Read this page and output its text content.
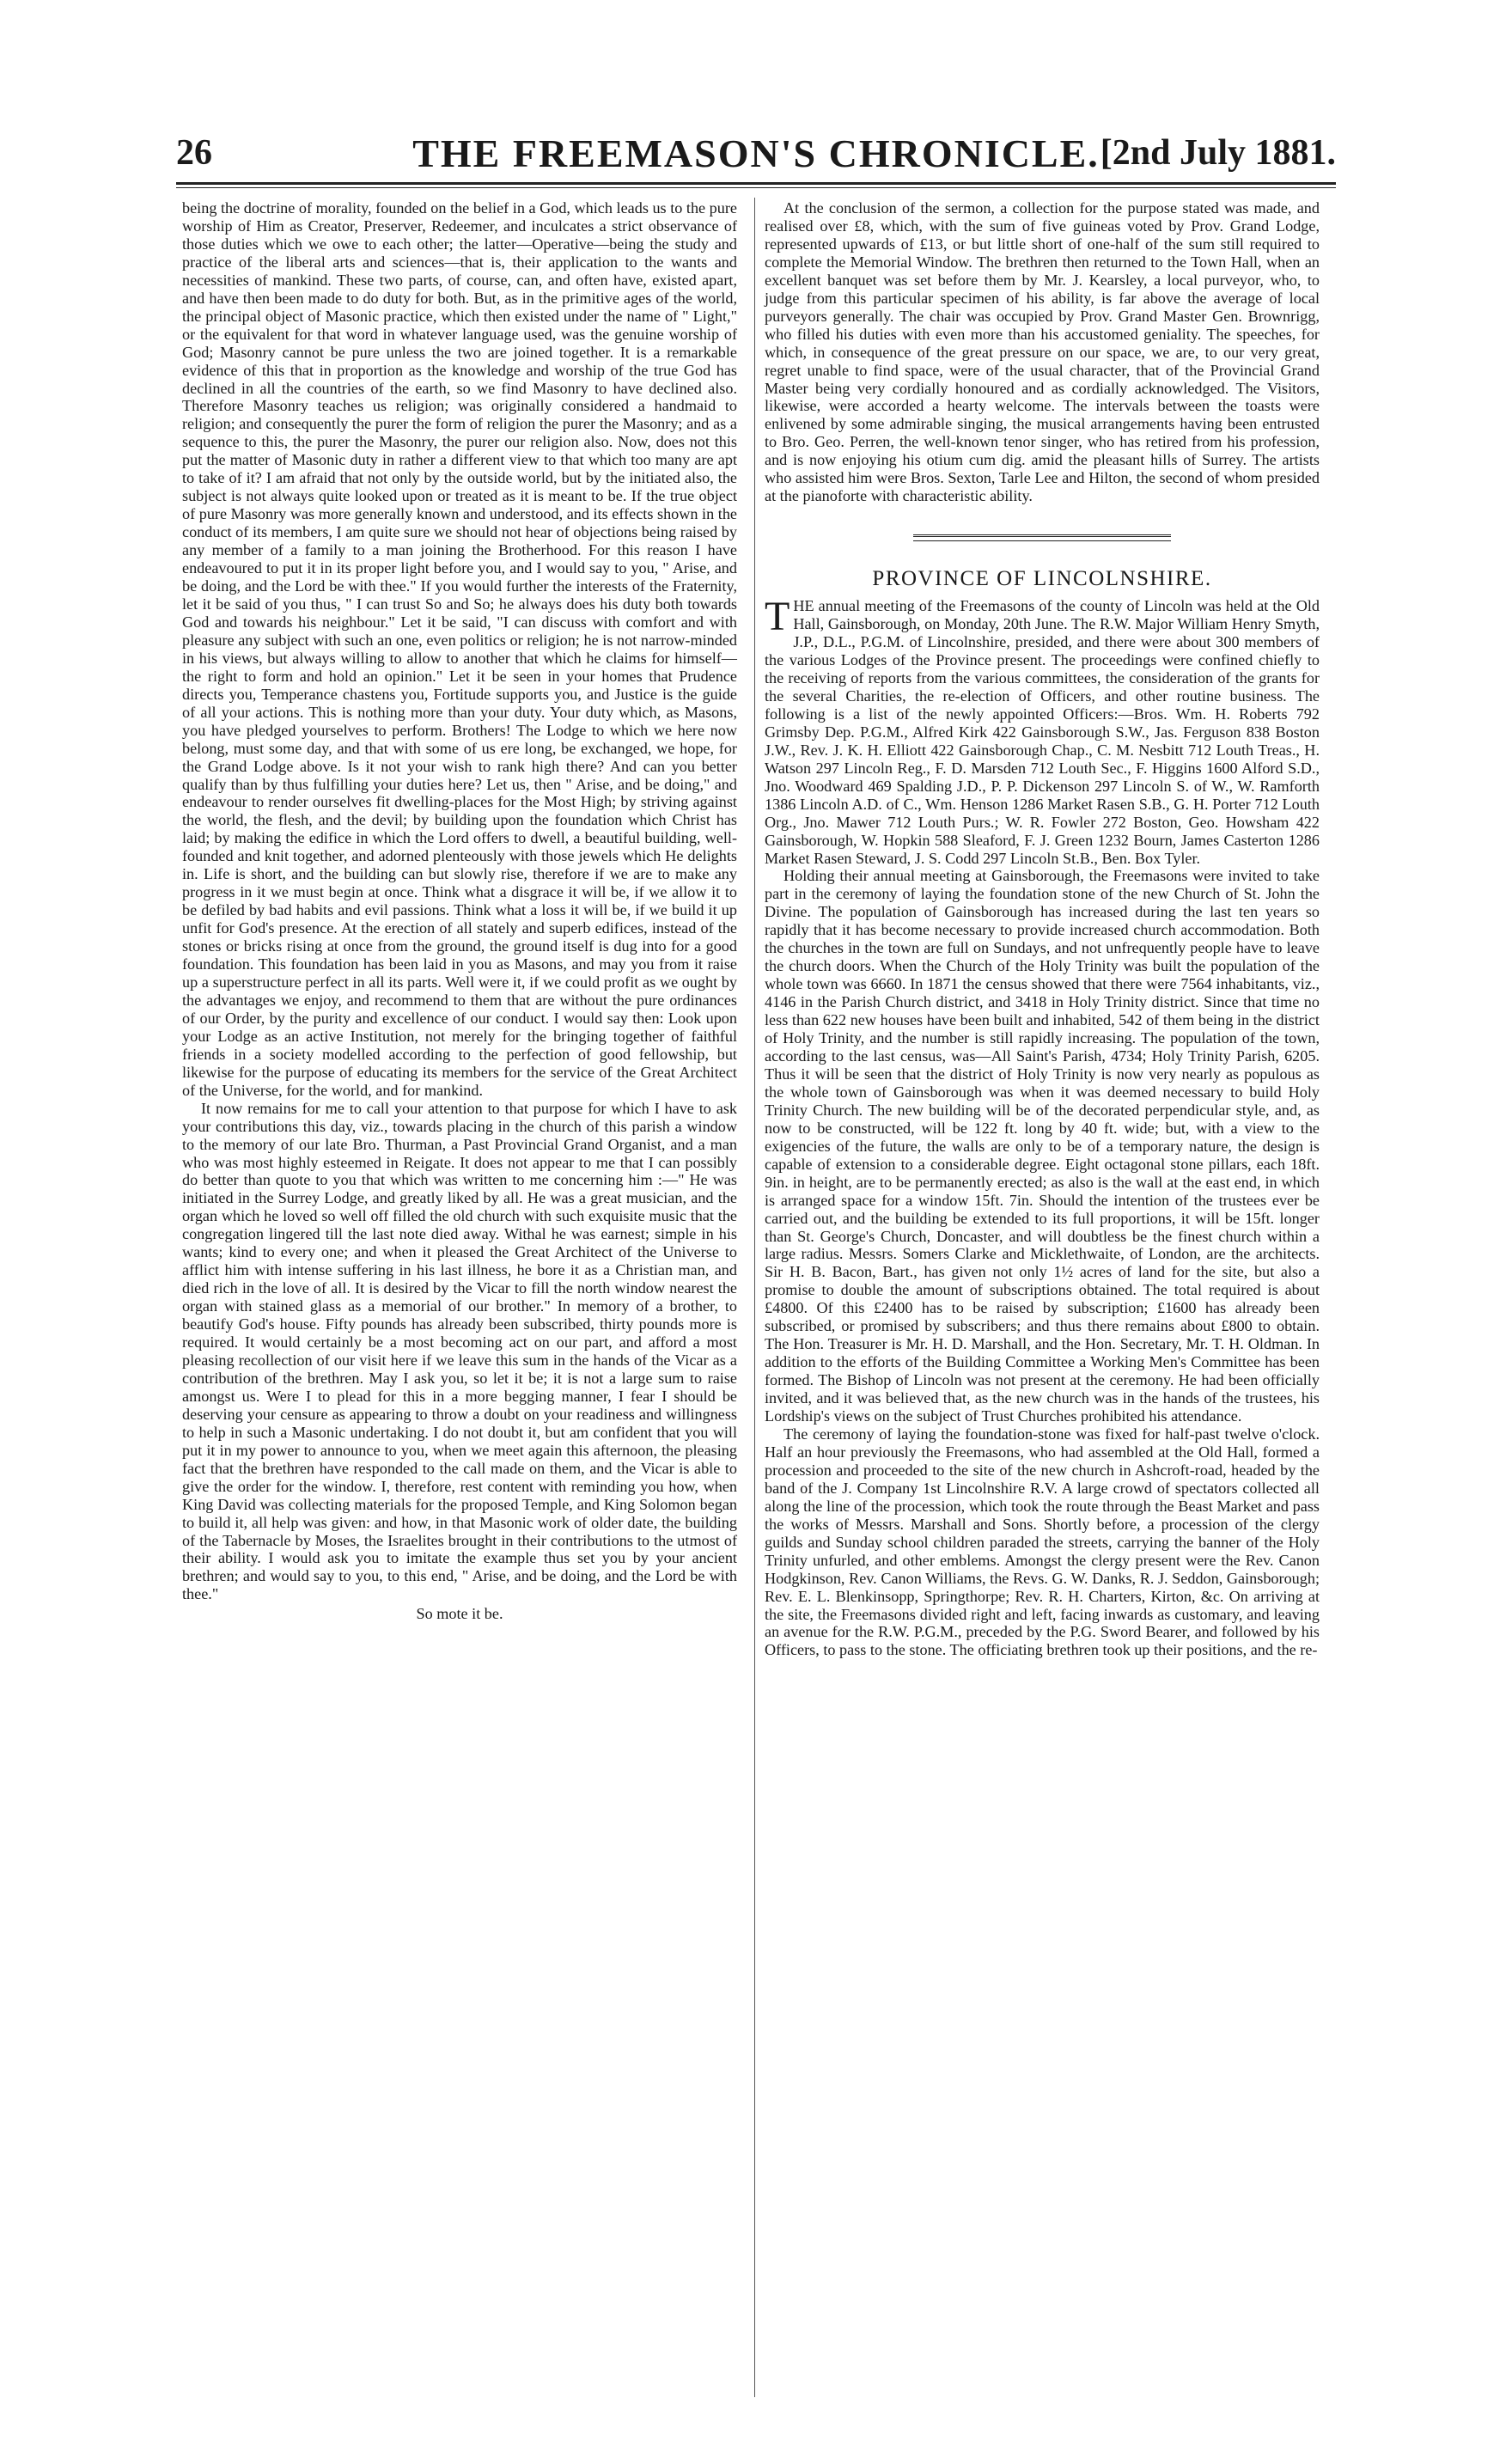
26	THE FREEMASON'S CHRONICLE. [2nd July 1881.

being the doctrine of morality, founded on the belief in a God, which leads us to the pure worship of Him as Creator, Preserver, Redeemer, and inculcates a strict observance of those duties which we owe to each other; the latter—Operative—being the study and practice of the liberal arts and sciences—that is, their application to the wants and necessities of mankind. These two parts, of course, can, and often have, existed apart, and have then been made to do duty for both. But, as in the primitive ages of the world, the principal object of Masonic practice, which then existed under the name of " Light," or the equivalent for that word in whatever language used, was the genuine worship of God; Masonry cannot be pure unless the two are joined together. It is a remarkable evidence of this that in proportion as the knowledge and worship of the true God has declined in all the countries of the earth, so we find Masonry to have declined also. Therefore Masonry teaches us religion; was originally considered a handmaid to religion; and consequently the purer the form of religion the purer the Masonry; and as a sequence to this, the purer the Masonry, the purer our religion also. Now, does not this put the matter of Masonic duty in rather a different view to that which too many are apt to take of it? I am afraid that not only by the outside world, but by the initiated also, the subject is not always quite looked upon or treated as it is meant to be. If the true object of pure Masonry was more generally known and understood, and its effects shown in the conduct of its members, I am quite sure we should not hear of objections being raised by any member of a family to a man joining the Brotherhood. For this reason I have endeavoured to put it in its proper light before you, and I would say to you, " Arise, and be doing, and the Lord be with thee." If you would further the interests of the Fraternity, let it be said of you thus, " I can trust So and So; he always does his duty both towards God and towards his neighbour." Let it be said, "I can discuss with comfort and with pleasure any subject with such an one, even politics or religion; he is not narrow-minded in his views, but always willing to allow to another that which he claims for himself—the right to form and hold an opinion." Let it be seen in your homes that Prudence directs you, Temperance chastens you, Fortitude supports you, and Justice is the guide of all your actions. This is nothing more than your duty. Your duty which, as Masons, you have pledged yourselves to perform. Brothers! The Lodge to which we here now belong, must some day, and that with some of us ere long, be exchanged, we hope, for the Grand Lodge above. Is it not your wish to rank high there? And can you better qualify than by thus fulfilling your duties here? Let us, then " Arise, and be doing," and endeavour to render ourselves fit dwelling-places for the Most High; by striving against the world, the flesh, and the devil; by building upon the foundation which Christ has laid; by making the edifice in which the Lord offers to dwell, a beautiful building, well-founded and knit together, and adorned plenteously with those jewels which He delights in. Life is short, and the building can but slowly rise, therefore if we are to make any progress in it we must begin at once. Think what a disgrace it will be, if we allow it to be defiled by bad habits and evil passions. Think what a loss it will be, if we build it up unfit for God's presence. At the erection of all stately and superb edifices, instead of the stones or bricks rising at once from the ground, the ground itself is dug into for a good foundation. This foundation has been laid in you as Masons, and may you from it raise up a superstructure perfect in all its parts. Well were it, if we could profit as we ought by the advantages we enjoy, and recommend to them that are without the pure ordinances of our Order, by the purity and excellence of our conduct. I would say then: Look upon your Lodge as an active Institution, not merely for the bringing together of faithful friends in a society modelled according to the perfection of good fellowship, but likewise for the purpose of educating its members for the service of the Great Architect of the Universe, for the world, and for mankind.

It now remains for me to call your attention to that purpose for which I have to ask your contributions this day, viz., towards placing in the church of this parish a window to the memory of our late Bro. Thurman, a Past Provincial Grand Organist, and a man who was most highly esteemed in Reigate. It does not appear to me that I can possibly do better than quote to you that which was written to me concerning him :—" He was initiated in the Surrey Lodge, and greatly liked by all. He was a great musician, and the organ which he loved so well off filled the old church with such exquisite music that the congregation lingered till the last note died away. Withal he was earnest; simple in his wants; kind to every one; and when it pleased the Great Architect of the Universe to afflict him with intense suffering in his last illness, he bore it as a Christian man, and died rich in the love of all. It is desired by the Vicar to fill the north window nearest the organ with stained glass as a memorial of our brother." In memory of a brother, to beautify God's house. Fifty pounds has already been subscribed, thirty pounds more is required. It would certainly be a most becoming act on our part, and afford a most pleasing recollection of our visit here if we leave this sum in the hands of the Vicar as a contribution of the brethren. May I ask you, so let it be; it is not a large sum to raise amongst us. Were I to plead for this in a more begging manner, I fear I should be deserving your censure as appearing to throw a doubt on your readiness and willingness to help in such a Masonic undertaking. I do not doubt it, but am confident that you will put it in my power to announce to you, when we meet again this afternoon, the pleasing fact that the brethren have responded to the call made on them, and the Vicar is able to give the order for the window. I, therefore, rest content with reminding you how, when King David was collecting materials for the proposed Temple, and King Solomon began to build it, all help was given: and how, in that Masonic work of older date, the building of the Tabernacle by Moses, the Israelites brought in their contributions to the utmost of their ability. I would ask you to imitate the example thus set you by your ancient brethren; and would say to you, to this end, " Arise, and be doing, and the Lord be with thee."

So mote it be.

At the conclusion of the sermon, a collection for the purpose stated was made, and realised over £8, which, with the sum of five guineas voted by Prov. Grand Lodge, represented upwards of £13, or but little short of one-half of the sum still required to complete the Memorial Window. The brethren then returned to the Town Hall, when an excellent banquet was set before them by Mr. J. Kearsley, a local purveyor, who, to judge from this particular specimen of his ability, is far above the average of local purveyors generally. The chair was occupied by Prov. Grand Master Gen. Brownrigg, who filled his duties with even more than his accustomed geniality. The speeches, for which, in consequence of the great pressure on our space, we are, to our very great, regret unable to find space, were of the usual character, that of the Provincial Grand Master being very cordially honoured and as cordially acknowledged. The Visitors, likewise, were accorded a hearty welcome. The intervals between the toasts were enlivened by some admirable singing, the musical arrangements having been entrusted to Bro. Geo. Perren, the well-known tenor singer, who has retired from his profession, and is now enjoying his otium cum dig. amid the pleasant hills of Surrey. The artists who assisted him were Bros. Sexton, Tarle Lee and Hilton, the second of whom presided at the pianoforte with characteristic ability.

PROVINCE OF LINCOLNSHIRE.

THE annual meeting of the Freemasons of the county of Lincoln was held at the Old Hall, Gainsborough, on Monday, 20th June. The R.W. Major William Henry Smyth, J.P., D.L., P.G.M. of Lincolnshire, presided, and there were about 300 members of the various Lodges of the Province present. The proceedings were confined chiefly to the receiving of reports from the various committees, the consideration of the grants for the several Charities, the re-election of Officers, and other routine business. The following is a list of the newly appointed Officers:—Bros. Wm. H. Roberts 792 Grimsby Dep. P.G.M., Alfred Kirk 422 Gainsborough S.W., Jas. Ferguson 838 Boston J.W., Rev. J. K. H. Elliott 422 Gainsborough Chap., C. M. Nesbitt 712 Louth Treas., H. Watson 297 Lincoln Reg., F. D. Marsden 712 Louth Sec., F. Higgins 1600 Alford S.D., Jno. Woodward 469 Spalding J.D., P. P. Dickenson 297 Lincoln S. of W., W. Ramforth 1386 Lincoln A.D. of C., Wm. Henson 1286 Market Rasen S.B., G. H. Porter 712 Louth Org., Jno. Mawer 712 Louth Purs.; W. R. Fowler 272 Boston, Geo. Howsham 422 Gainsborough, W. Hopkin 588 Sleaford, F. J. Green 1232 Bourn, James Casterton 1286 Market Rasen Steward, J. S. Codd 297 Lincoln St.B., Ben. Box Tyler.

Holding their annual meeting at Gainsborough, the Freemasons were invited to take part in the ceremony of laying the foundation stone of the new Church of St. John the Divine. The population of Gainsborough has increased during the last ten years so rapidly that it has become necessary to provide increased church accommodation. Both the churches in the town are full on Sundays, and not unfrequently people have to leave the church doors. When the Church of the Holy Trinity was built the population of the whole town was 6660. In 1871 the census showed that there were 7564 inhabitants, viz., 4146 in the Parish Church district, and 3418 in Holy Trinity district. Since that time no less than 622 new houses have been built and inhabited, 542 of them being in the district of Holy Trinity, and the number is still rapidly increasing. The population of the town, according to the last census, was—All Saint's Parish, 4734; Holy Trinity Parish, 6205. Thus it will be seen that the district of Holy Trinity is now very nearly as populous as the whole town of Gainsborough was when it was deemed necessary to build Holy Trinity Church. The new building will be of the decorated perpendicular style, and, as now to be constructed, will be 122 ft. long by 40 ft. wide; but, with a view to the exigencies of the future, the walls are only to be of a temporary nature, the design is capable of extension to a considerable degree. Eight octagonal stone pillars, each 18ft. 9in. in height, are to be permanently erected; as also is the wall at the east end, in which is arranged space for a window 15ft. 7in. Should the intention of the trustees ever be carried out, and the building be extended to its full proportions, it will be 15ft. longer than St. George's Church, Doncaster, and will doubtless be the finest church within a large radius. Messrs. Somers Clarke and Micklethwaite, of London, are the architects. Sir H. B. Bacon, Bart., has given not only 1½ acres of land for the site, but also a promise to double the amount of subscriptions obtained. The total required is about £4800. Of this £2400 has to be raised by subscription; £1600 has already been subscribed, or promised by subscribers; and thus there remains about £800 to obtain. The Hon. Treasurer is Mr. H. D. Marshall, and the Hon. Secretary, Mr. T. H. Oldman. In addition to the efforts of the Building Committee a Working Men's Committee has been formed. The Bishop of Lincoln was not present at the ceremony. He had been officially invited, and it was believed that, as the new church was in the hands of the trustees, his Lordship's views on the subject of Trust Churches prohibited his attendance.

The ceremony of laying the foundation-stone was fixed for half-past twelve o'clock. Half an hour previously the Freemasons, who had assembled at the Old Hall, formed a procession and proceeded to the site of the new church in Ashcroft-road, headed by the band of the J. Company 1st Lincolnshire R.V. A large crowd of spectators collected all along the line of the procession, which took the route through the Beast Market and pass the works of Messrs. Marshall and Sons. Shortly before, a procession of the clergy guilds and Sunday school children paraded the streets, carrying the banner of the Holy Trinity unfurled, and other emblems. Amongst the clergy present were the Rev. Canon Hodgkinson, Rev. Canon Williams, the Revs. G. W. Danks, R. J. Seddon, Gainsborough; Rev. E. L. Blenkinsopp, Springthorpe; Rev. R. H. Charters, Kirton, &c. On arriving at the site, the Freemasons divided right and left, facing inwards as customary, and leaving an avenue for the R.W. P.G.M., preceded by the P.G. Sword Bearer, and followed by his Officers, to pass to the stone. The officiating brethren took up their positions, and the re-
